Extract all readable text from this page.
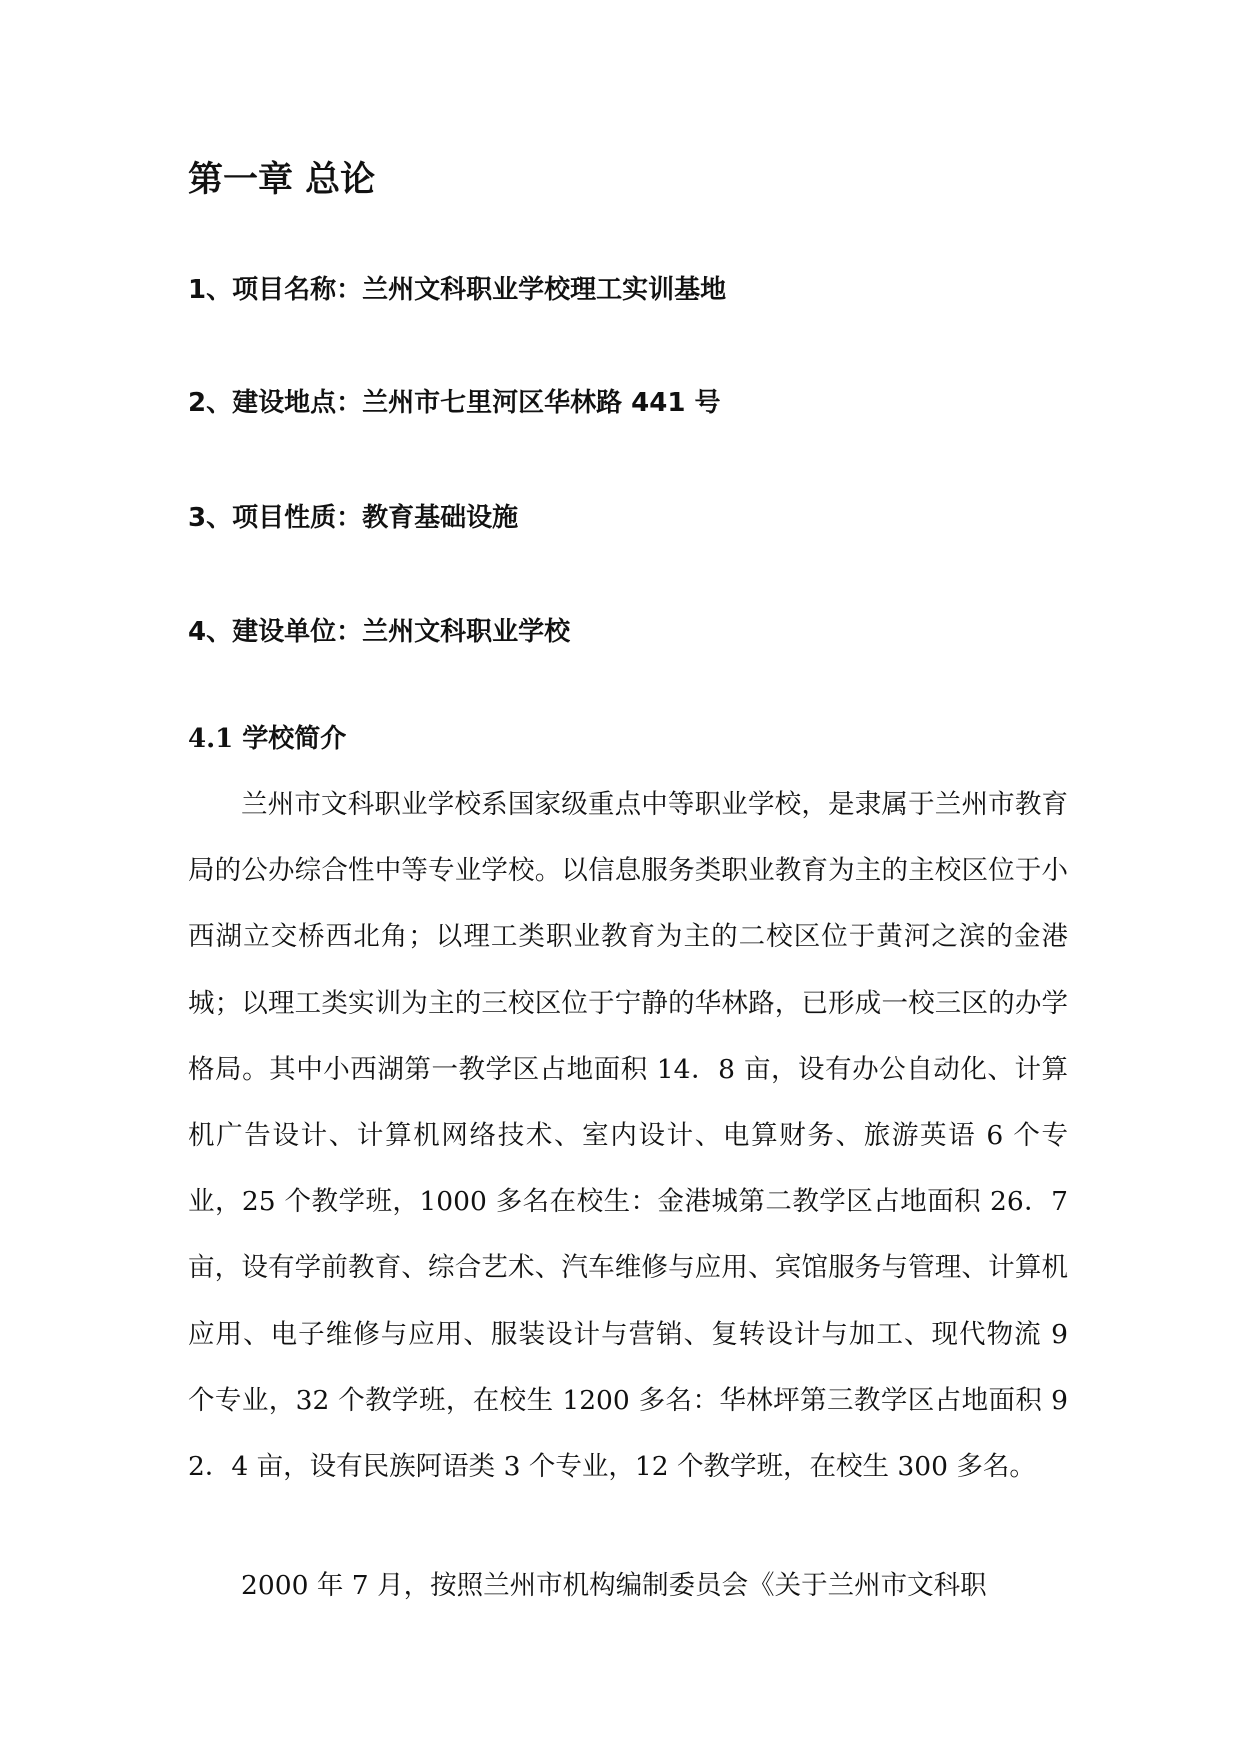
第一章 总论

1、项目名称：兰州文科职业学校理工实训基地

2、建设地点：兰州市七里河区华林路 441 号

3、项目性质：教育基础设施

4、建设单位：兰州文科职业学校

4.1 学校简介

兰州市文科职业学校系国家级重点中等职业学校，是隶属于兰州市教育局的公办综合性中等专业学校。以信息服务类职业教育为主的主校区位于小西湖立交桥西北角；以理工类职业教育为主的二校区位于黄河之滨的金港城；以理工类实训为主的三校区位于宁静的华林路，已形成一校三区的办学格局。其中小西湖第一教学区占地面积 14．8 亩，设有办公自动化、计算机广告设计、计算机网络技术、室内设计、电算财务、旅游英语 6 个专业，25 个教学班，1000 多名在校生：金港城第二教学区占地面积 26．7 亩，设有学前教育、综合艺术、汽车维修与应用、宾馆服务与管理、计算机应用、电子维修与应用、服装设计与营销、复转设计与加工、现代物流 9 个专业，32 个教学班，在校生 1200 多名：华林坪第三教学区占地面积 92．4 亩，设有民族阿语类 3 个专业，12 个教学班，在校生 300 多名。

2000 年 7 月，按照兰州市机构编制委员会《关于兰州市文科职
